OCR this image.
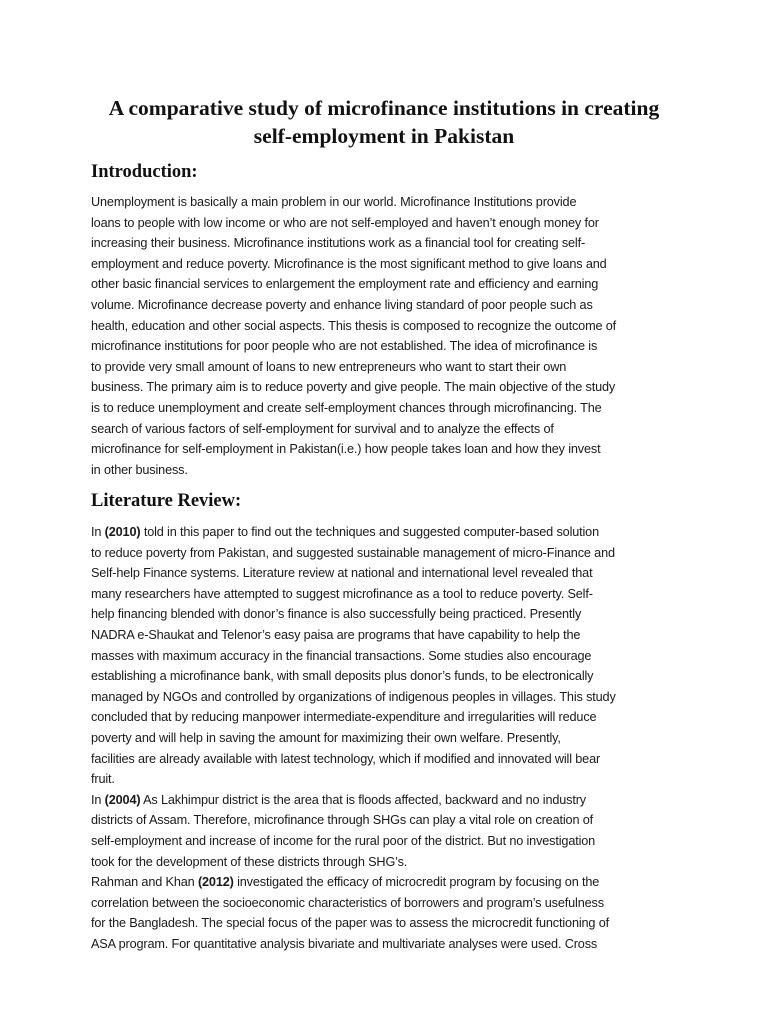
A comparative study of microfinance institutions in creating
self-employment in Pakistan
Introduction:
Unemployment is basically a main problem in our world. Microfinance Institutions provide
loans to people with low income or who are not self-employed and haven’t enough money for
increasing their business. Microfinance institutions work as a financial tool for creating self-
employment and reduce poverty. Microfinance is the most significant method to give loans and
other basic financial services to enlargement the employment rate and efficiency and earning
volume. Microfinance decrease poverty and enhance living standard of poor people such as
health, education and other social aspects. This thesis is composed to recognize the outcome of
microfinance institutions for poor people who are not established. The idea of microfinance is
to provide very small amount of loans to new entrepreneurs who want to start their own
business. The primary aim is to reduce poverty and give people. The main objective of the study
is to reduce unemployment and create self-employment chances through microfinancing. The
search of various factors of self-employment for survival and to analyze the effects of
microfinance for self-employment in Pakistan(i.e.) how people takes loan and how they invest
in other business.
Literature Review:
In (2010) told in this paper to find out the techniques and suggested computer-based solution
to reduce poverty from Pakistan, and suggested sustainable management of micro-Finance and
Self-help Finance systems. Literature review at national and international level revealed that
many researchers have attempted to suggest microfinance as a tool to reduce poverty. Self-
help financing blended with donor’s finance is also successfully being practiced. Presently
NADRA e-Shaukat and Telenor’s easy paisa are programs that have capability to help the
masses with maximum accuracy in the financial transactions. Some studies also encourage
establishing a microfinance bank, with small deposits plus donor’s funds, to be electronically
managed by NGOs and controlled by organizations of indigenous peoples in villages. This study
concluded that by reducing manpower intermediate-expenditure and irregularities will reduce
poverty and will help in saving the amount for maximizing their own welfare. Presently,
facilities are already available with latest technology, which if modified and innovated will bear
fruit.
In (2004) As Lakhimpur district is the area that is floods affected, backward and no industry
districts of Assam. Therefore, microfinance through SHGs can play a vital role on creation of
self-employment and increase of income for the rural poor of the district. But no investigation
took for the development of these districts through SHG’s.
Rahman and Khan (2012) investigated the efficacy of microcredit program by focusing on the
correlation between the socioeconomic characteristics of borrowers and program’s usefulness
for the Bangladesh. The special focus of the paper was to assess the microcredit functioning of
ASA program. For quantitative analysis bivariate and multivariate analyses were used. Cross
